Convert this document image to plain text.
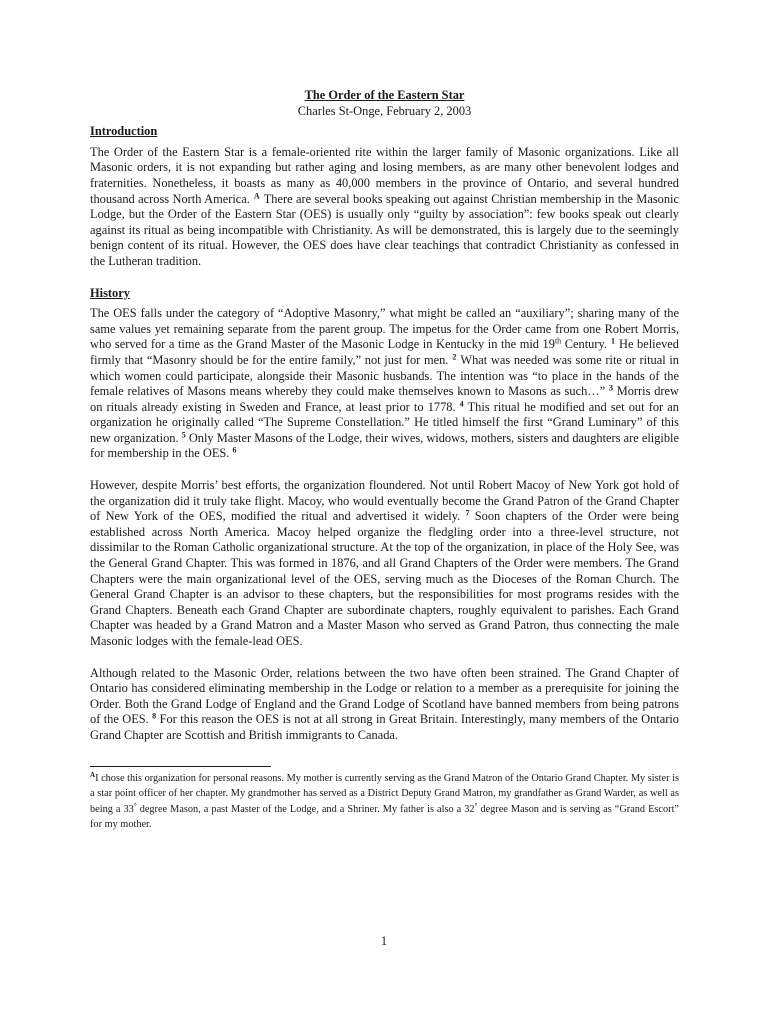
The Order of the Eastern Star

Charles St-Onge, February 2, 2003

Introduction

The Order of the Eastern Star is a female-oriented rite within the larger family of Masonic organizations. Like all Masonic orders, it is not expanding but rather aging and losing members, as are many other benevolent lodges and fraternities. Nonetheless, it boasts as many as 40,000 members in the province of Ontario, and several hundred thousand across North America. $^A$ There are several books speaking out against Christian membership in the Masonic Lodge, but the Order of the Eastern Star (OES) is usually only “guilty by association”: few books speak out clearly against its ritual as being incompatible with Christianity. As will be demonstrated, this is largely due to the seemingly benign content of its ritual. However, the OES does have clear teachings that contradict Christianity as confessed in the Lutheran tradition.

History

The OES falls under the category of “Adoptive Masonry,” what might be called an “auxiliary”; sharing many of the same values yet remaining separate from the parent group. The impetus for the Order came from one Robert Morris, who served for a time as the Grand Master of the Masonic Lodge in Kentucky in the mid 19th Century. $^1$ He believed firmly that “Masonry should be for the entire family,” not just for men. $^2$ What was needed was some rite or ritual in which women could participate, alongside their Masonic husbands. The intention was “to place in the hands of the female relatives of Masons means whereby they could make themselves known to Masons as such…” $^3$ Morris drew on rituals already existing in Sweden and France, at least prior to 1778. $^4$ This ritual he modified and set out for an organization he originally called “The Supreme Constellation.” He titled himself the first “Grand Luminary” of this new organization. $^5$ Only Master Masons of the Lodge, their wives, widows, mothers, sisters and daughters are eligible for membership in the OES. $^6$

However, despite Morris’ best efforts, the organization floundered. Not until Robert Macoy of New York got hold of the organization did it truly take flight. Macoy, who would eventually become the Grand Patron of the Grand Chapter of New York of the OES, modified the ritual and advertised it widely. $^7$ Soon chapters of the Order were being established across North America. Macoy helped organize the fledgling order into a three-level structure, not dissimilar to the Roman Catholic organizational structure. At the top of the organization, in place of the Holy See, was the General Grand Chapter. This was formed in 1876, and all Grand Chapters of the Order were members. The Grand Chapters were the main organizational level of the OES, serving much as the Dioceses of the Roman Church. The General Grand Chapter is an advisor to these chapters, but the responsibilities for most programs resides with the Grand Chapters. Beneath each Grand Chapter are subordinate chapters, roughly equivalent to parishes. Each Grand Chapter was headed by a Grand Matron and a Master Mason who served as Grand Patron, thus connecting the male Masonic lodges with the female-lead OES.

Although related to the Masonic Order, relations between the two have often been strained. The Grand Chapter of Ontario has considered eliminating membership in the Lodge or relation to a member as a prerequisite for joining the Order. Both the Grand Lodge of England and the Grand Lodge of Scotland have banned members from being patrons of the OES. $^8$ For this reason the OES is not at all strong in Great Britain. Interestingly, many members of the Ontario Grand Chapter are Scottish and British immigrants to Canada.

$^A$I chose this organization for personal reasons. My mother is currently serving as the Grand Matron of the Ontario Grand Chapter. My sister is a star point officer of her chapter. My grandmother has served as a District Deputy Grand Matron, my grandfather as Grand Warder, as well as being a 33° degree Mason, a past Master of the Lodge, and a Shriner. My father is also a 32° degree Mason and is serving as “Grand Escort” for my mother.

1
